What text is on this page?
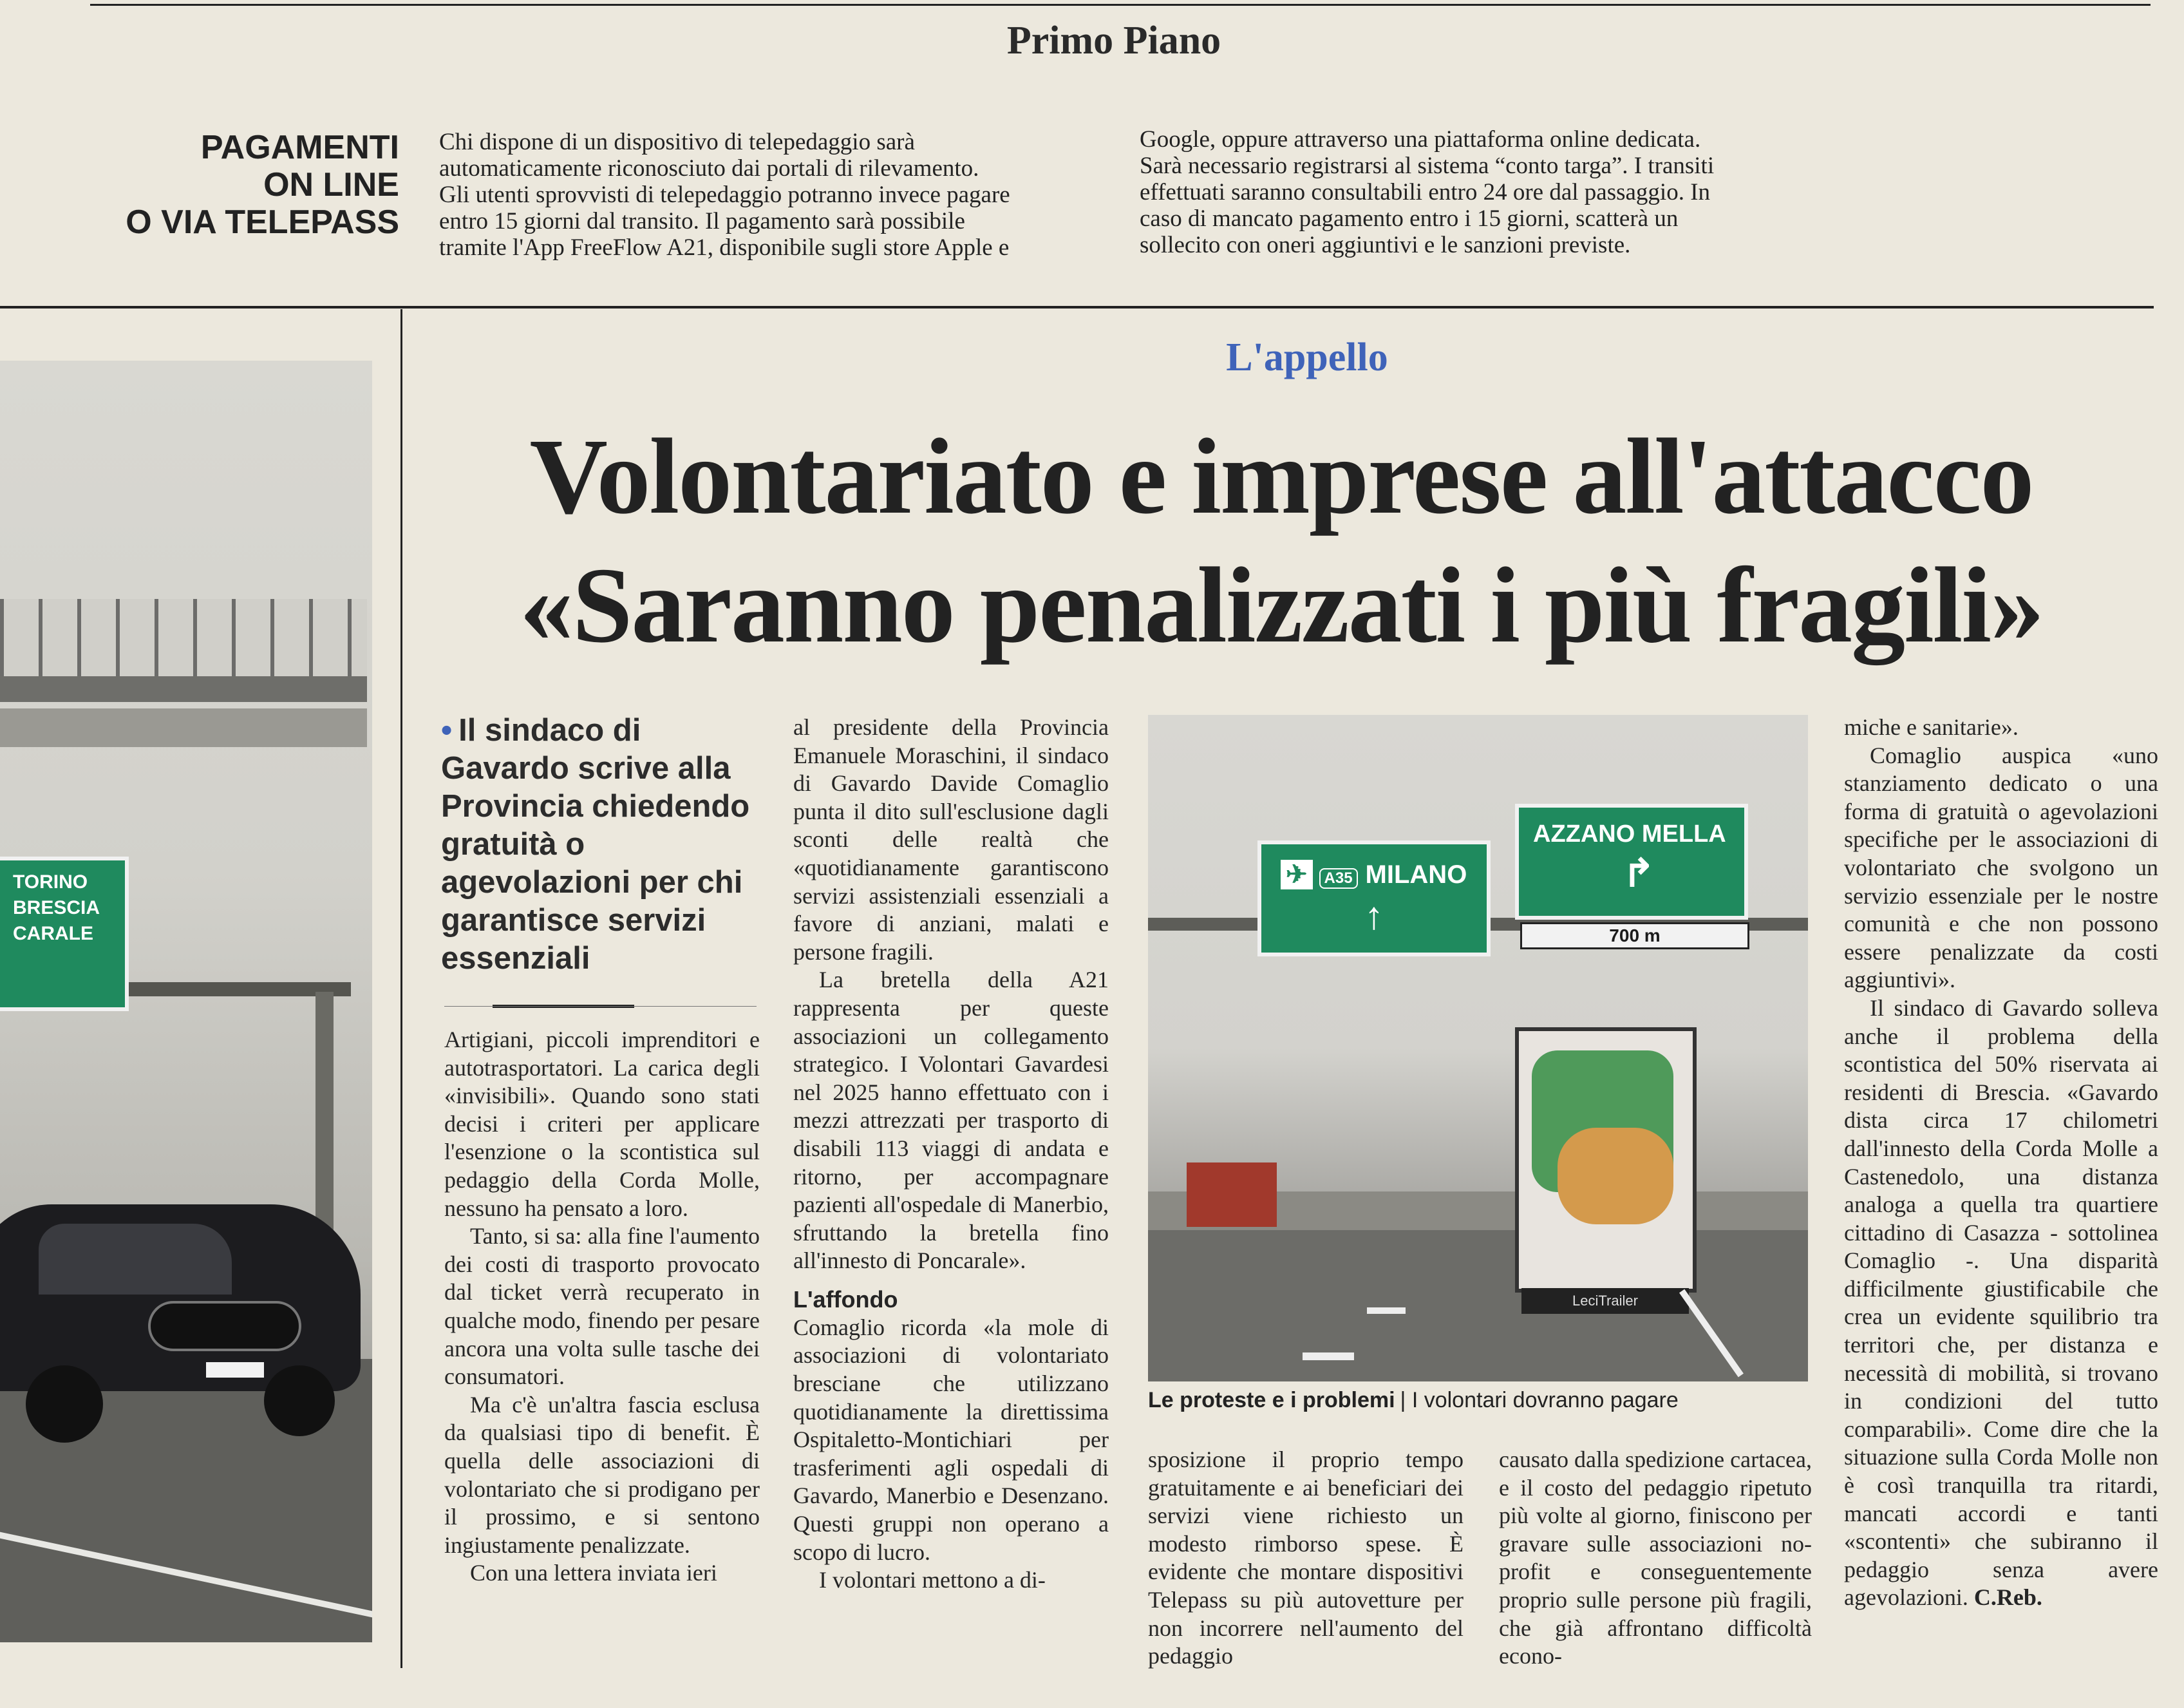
Primo Piano
PAGAMENTI
ON LINE
O VIA TELEPASS
Chi dispone di un dispositivo di telepedaggio sarà
automaticamente riconosciuto dai portali di rilevamento.
Gli utenti sprovvisti di telepedaggio potranno invece pagare
entro 15 giorni dal transito. Il pagamento sarà possibile
tramite l'App FreeFlow A21, disponibile sugli store Apple e
Google, oppure attraverso una piattaforma online dedicata.
Sarà necessario registrarsi al sistema “conto targa”. I transiti
effettuati saranno consultabili entro 24 ore dal passaggio. In
caso di mancato pagamento entro i 15 giorni, scatterà un
sollecito con oneri aggiuntivi e le sanzioni previste.
TORINO
BRESCIA
CARALE
L'appello
Volontariato e imprese all'attacco
«Saranno penalizzati i più fragili»
• Il sindaco di Gavardo scrive alla Provincia chiedendo gratuità o agevolazioni per chi garantisce servizi essenziali

Artigiani, piccoli imprenditori e autotrasportatori. La carica degli «invisibili». Quando sono stati decisi i criteri per applicare l'esenzione o la scontistica sul pedaggio della Corda Molle, nessuno ha pensato a loro.

Tanto, si sa: alla fine l'aumento dei costi di trasporto provocato dal ticket verrà recuperato in qualche modo, finendo per pesare ancora una volta sulle tasche dei consumatori.

Ma c'è un'altra fascia esclusa da qualsiasi tipo di benefit. È quella delle associazioni di volontariato che si prodigano per il prossimo, e si sentono ingiustamente penalizzate.

Con una lettera inviata ieri

al presidente della Provincia Emanuele Moraschini, il sindaco di Gavardo Davide Comaglio punta il dito sull'esclusione dagli sconti delle realtà che «quotidianamente garantiscono servizi assistenziali essenziali a favore di anziani, malati e persone fragili.

La bretella della A21 rappresenta per queste associazioni un collegamento strategico. I Volontari Gavardesi nel 2025 hanno effettuato con i mezzi attrezzati per trasporto di disabili 113 viaggi di andata e ritorno, per accompagnare pazienti all'ospedale di Manerbio, sfruttando la bretella fino all'innesto di Poncarale».

L'affondo

Comaglio ricorda «la mole di associazioni di volontariato bresciane che utilizzano quotidianamente la direttissima Ospitaletto-Montichiari per trasferimenti agli ospedali di Gavardo, Manerbio e Desenzano. Questi gruppi non operano a scopo di lucro.

I volontari mettono a di-

✈ A35 MILANO
↑
AZZANO MELLA
↱
700 m
LeciTrailer
Le proteste e i problemi | I volontari dovranno pagare

sposizione il proprio tempo gratuitamente e ai beneficiari dei servizi viene richiesto un modesto rimborso spese. È evidente che montare dispositivi Telepass su più autovetture per non incorrere nell'aumento del pedaggio

causato dalla spedizione cartacea, e il costo del pedaggio ripetuto più volte al giorno, finiscono per gravare sulle associazioni no-profit e conseguentemente proprio sulle persone più fragili, che già affrontano difficoltà econo-

miche e sanitarie».

Comaglio auspica «uno stanziamento dedicato o una forma di gratuità o agevolazioni specifiche per le associazioni di volontariato che svolgono un servizio essenziale per le nostre comunità e che non possono essere penalizzate da costi aggiuntivi».

Il sindaco di Gavardo solleva anche il problema della scontistica del 50% riservata ai residenti di Brescia. «Gavardo dista circa 17 chilometri dall'innesto della Corda Molle a Castenedolo, una distanza analoga a quella tra quartiere cittadino di Casazza - sottolinea Comaglio -. Una disparità difficilmente giustificabile che crea un evidente squilibrio tra territori che, per distanza e necessità di mobilità, si trovano in condizioni del tutto comparabili». Come dire che la situazione sulla Corda Molle non è così tranquilla tra ritardi, mancati accordi e tanti «scontenti» che subiranno il pedaggio senza avere agevolazioni. C.Reb.
